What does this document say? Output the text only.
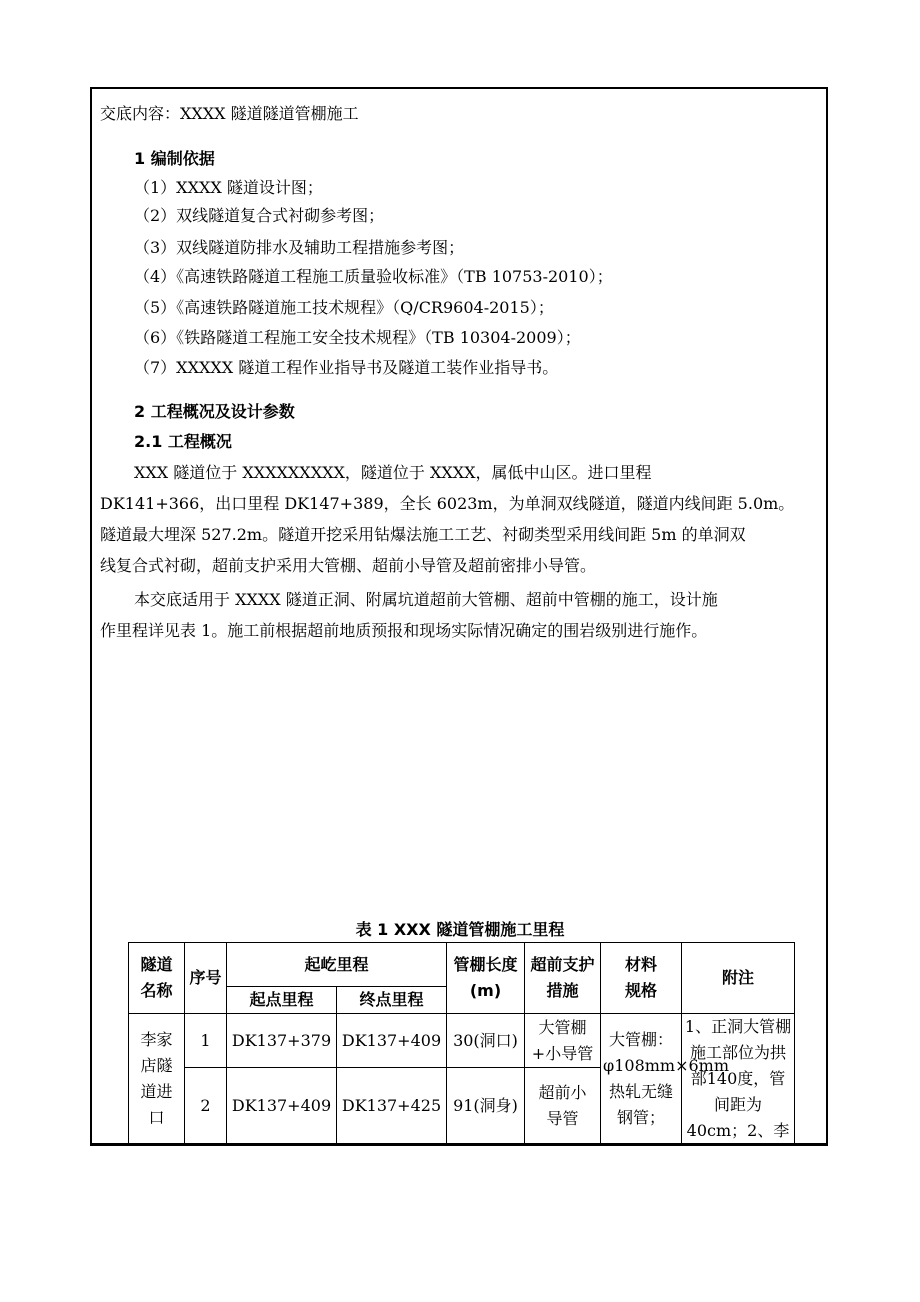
交底内容：XXXX 隧道隧道管棚施工
1 编制依据
（1）XXXX 隧道设计图；
（2）双线隧道复合式衬砌参考图；
（3）双线隧道防排水及辅助工程措施参考图；
（4）《高速铁路隧道工程施工质量验收标准》（TB 10753-2010）；
（5）《高速铁路隧道施工技术规程》（Q/CR9604-2015）；
（6）《铁路隧道工程施工安全技术规程》（TB 10304-2009）；
（7）XXXXX 隧道工程作业指导书及隧道工装作业指导书。
2 工程概况及设计参数
2.1 工程概况
XXX 隧道位于 XXXXXXXXX，隧道位于 XXXX，属低中山区。进口里程
DK141+366，出口里程 DK147+389，全长 6023m，为单洞双线隧道，隧道内线间距 5.0m。
隧道最大埋深 527.2m。隧道开挖采用钻爆法施工工艺、衬砌类型采用线间距 5m 的单洞双
线复合式衬砌，超前支护采用大管棚、超前小导管及超前密排小导管。
本交底适用于 XXXX 隧道正洞、附属坑道超前大管棚、超前中管棚的施工，设计施
作里程详见表 1。施工前根据超前地质预报和现场实际情况确定的围岩级别进行施作。
表 1 XXX 隧道管棚施工里程
隧道名称	序号	起屹里程		管棚长度(m)	超前支护措施	材料规格	附注
		起点里程	终点里程				

李家店隧道进口	1	DK137+379	DK137+409	30(洞口)	大管棚+小导管	大管棚：φ108mm×6mm热轧无缝钢管；	1、正洞大管棚施工部位为拱部140度，管间距为40cm；2、李

	2	DK137+409	DK137+425	91(洞身)	超前小导管		
